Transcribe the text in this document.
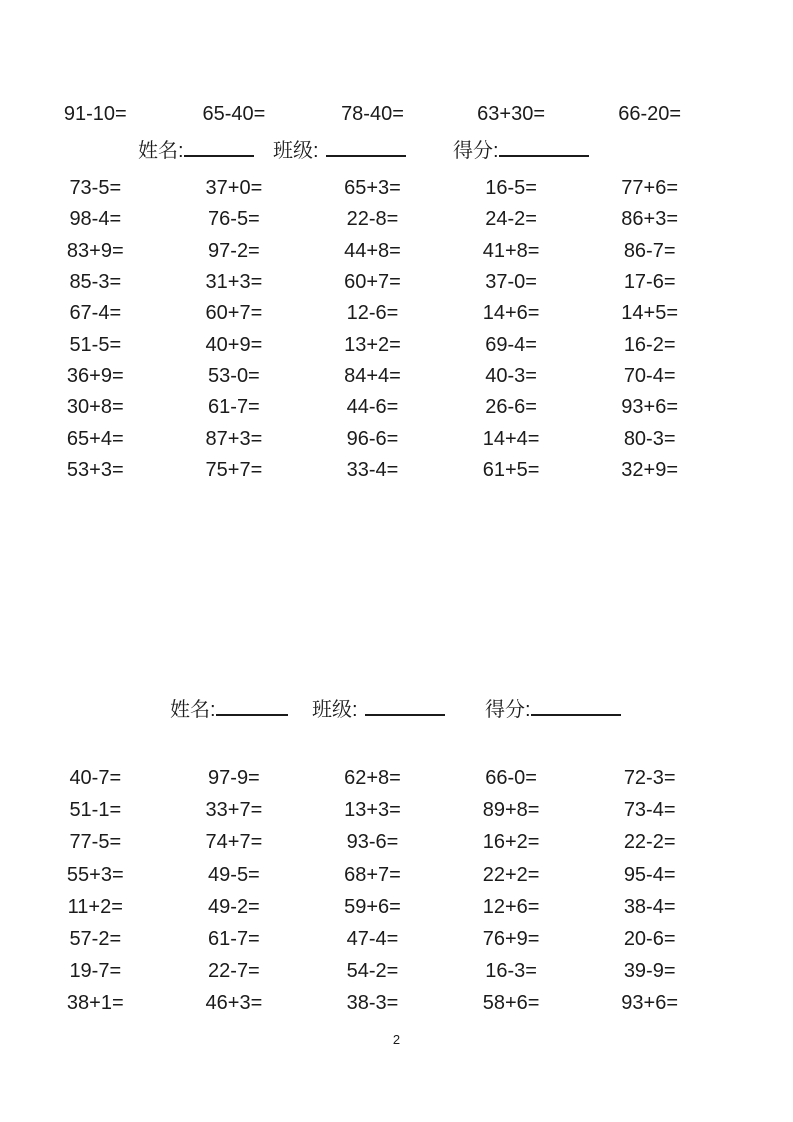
91-10=	65-40=	78-40=	63+30=	66-20=
姓名:	班级:	得分:
73-5=	37+0=	65+3=	16-5=	77+6=
98-4=	76-5=	22-8=	24-2=	86+3=
83+9=	97-2=	44+8=	41+8=	86-7=
85-3=	31+3=	60+7=	37-0=	17-6=
67-4=	60+7=	12-6=	14+6=	14+5=
51-5=	40+9=	13+2=	69-4=	16-2=
36+9=	53-0=	84+4=	40-3=	70-4=
30+8=	61-7=	44-6=	26-6=	93+6=
65+4=	87+3=	96-6=	14+4=	80-3=
53+3=	75+7=	33-4=	61+5=	32+9=
姓名:	班级:	得分:
40-7=	97-9=	62+8=	66-0=	72-3=
51-1=	33+7=	13+3=	89+8=	73-4=
77-5=	74+7=	93-6=	16+2=	22-2=
55+3=	49-5=	68+7=	22+2=	95-4=
11+2=	49-2=	59+6=	12+6=	38-4=
57-2=	61-7=	47-4=	76+9=	20-6=
19-7=	22-7=	54-2=	16-3=	39-9=
38+1=	46+3=	38-3=	58+6=	93+6=
2
